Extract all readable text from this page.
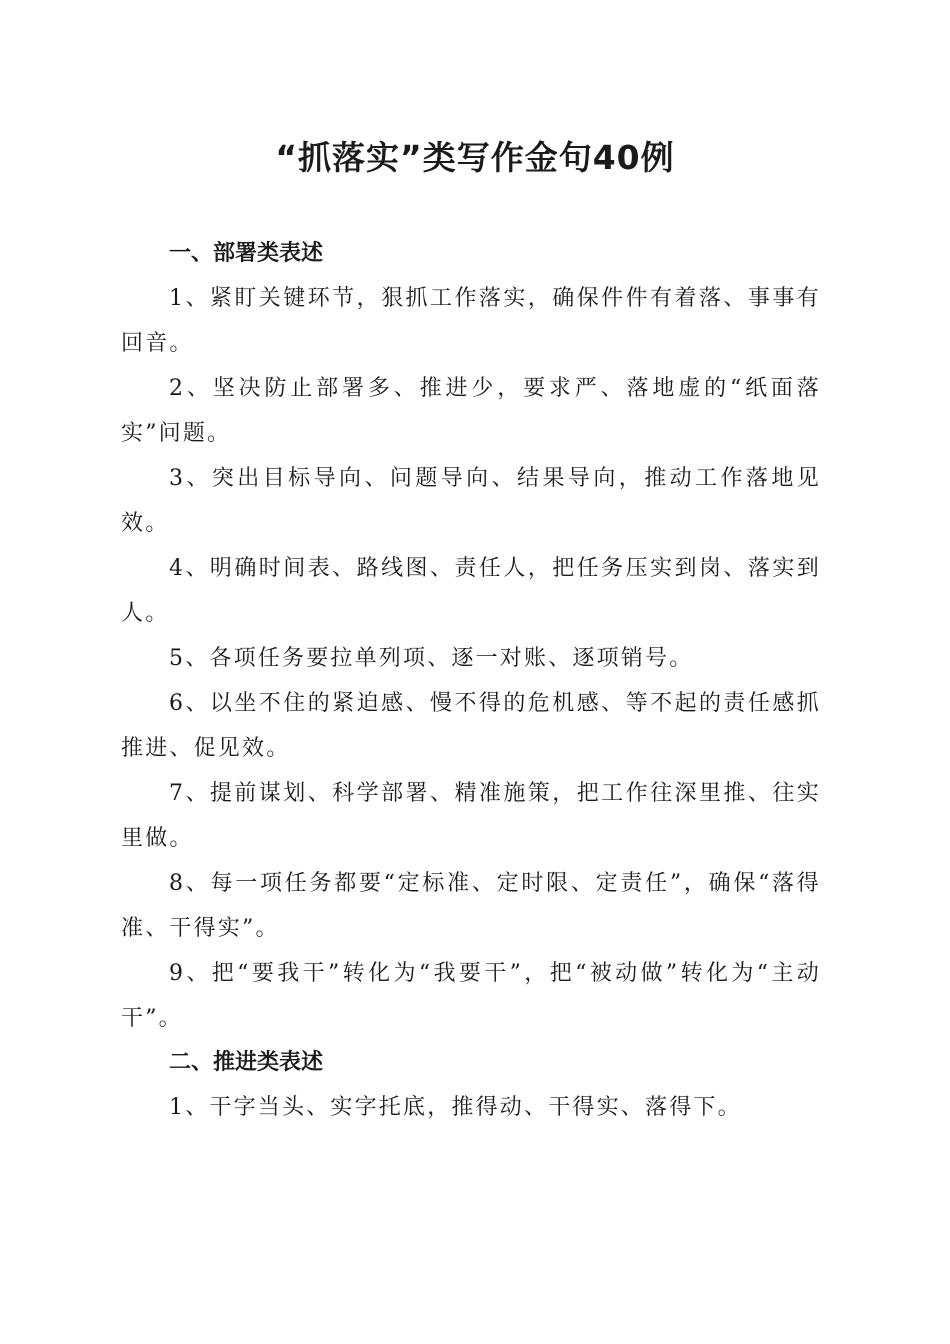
“抓落实”类写作金句40例
一、部署类表述

1、紧盯关键环节，狠抓工作落实，确保件件有着落、事事有回音。

2、坚决防止部署多、推进少，要求严、落地虚的“纸面落实”问题。

3、突出目标导向、问题导向、结果导向，推动工作落地见效。

4、明确时间表、路线图、责任人，把任务压实到岗、落实到人。

5、各项任务要拉单列项、逐一对账、逐项销号。

6、以坐不住的紧迫感、慢不得的危机感、等不起的责任感抓推进、促见效。

7、提前谋划、科学部署、精准施策，把工作往深里推、往实里做。

8、每一项任务都要“定标准、定时限、定责任”，确保“落得准、干得实”。

9、把“要我干”转化为“我要干”，把“被动做”转化为“主动干”。

二、推进类表述

1、干字当头、实字托底，推得动、干得实、落得下。
